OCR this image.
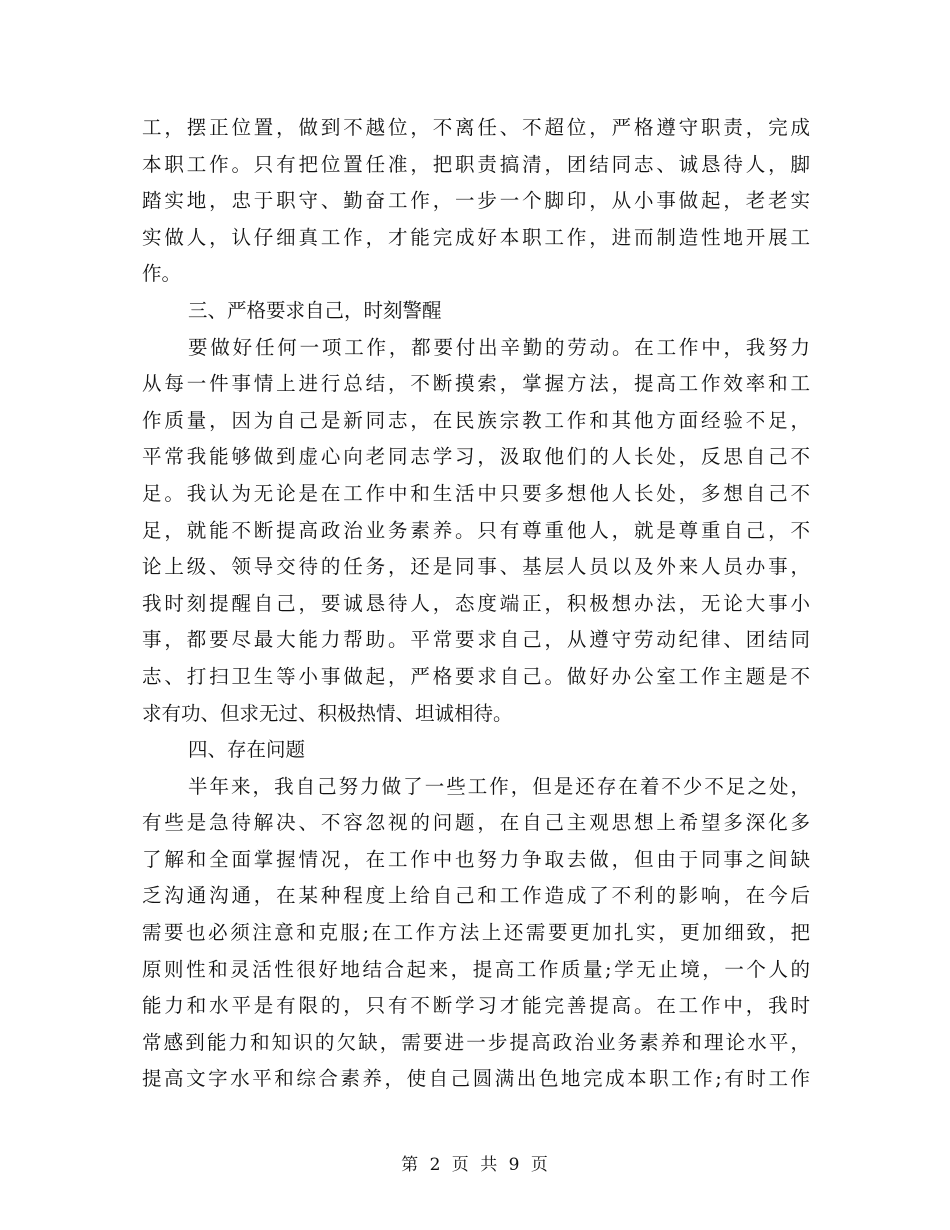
工，摆正位置，做到不越位，不离任、不超位，严格遵守职责，完成
本职工作。只有把位置任准，把职责搞清，团结同志、诚恳待人，脚
踏实地，忠于职守、勤奋工作，一步一个脚印，从小事做起，老老实
实做人，认仔细真工作，才能完成好本职工作，进而制造性地开展工
作。
三、严格要求自己，时刻警醒
要做好任何一项工作，都要付出辛勤的劳动。在工作中，我努力
从每一件事情上进行总结，不断摸索，掌握方法，提高工作效率和工
作质量，因为自己是新同志，在民族宗教工作和其他方面经验不足，
平常我能够做到虚心向老同志学习，汲取他们的人长处，反思自己不
足。我认为无论是在工作中和生活中只要多想他人长处，多想自己不
足，就能不断提高政治业务素养。只有尊重他人，就是尊重自己，不
论上级、领导交待的任务，还是同事、基层人员以及外来人员办事，
我时刻提醒自己，要诚恳待人，态度端正，积极想办法，无论大事小
事，都要尽最大能力帮助。平常要求自己，从遵守劳动纪律、团结同
志、打扫卫生等小事做起，严格要求自己。做好办公室工作主题是不
求有功、但求无过、积极热情、坦诚相待。
四、存在问题
半年来，我自己努力做了一些工作，但是还存在着不少不足之处，
有些是急待解决、不容忽视的问题，在自己主观思想上希望多深化多
了解和全面掌握情况，在工作中也努力争取去做，但由于同事之间缺
乏沟通沟通，在某种程度上给自己和工作造成了不利的影响，在今后
需要也必须注意和克服;在工作方法上还需要更加扎实，更加细致，把
原则性和灵活性很好地结合起来，提高工作质量;学无止境，一个人的
能力和水平是有限的，只有不断学习才能完善提高。在工作中，我时
常感到能力和知识的欠缺，需要进一步提高政治业务素养和理论水平，
提高文字水平和综合素养，使自己圆满出色地完成本职工作;有时工作
第 2 页 共 9 页
